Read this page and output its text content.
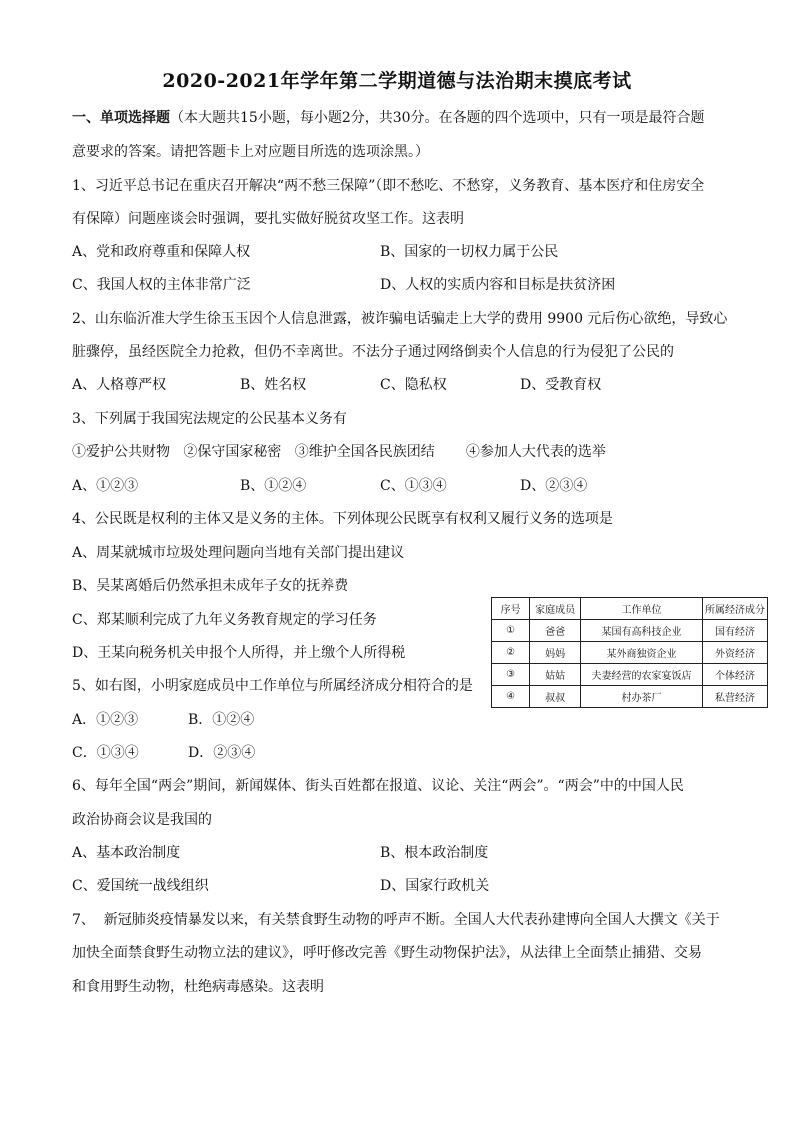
2020-2021年学年第二学期道德与法治期末摸底考试
一、单项选择题（本大题共15小题，每小题2分，共30分。在各题的四个选项中，只有一项是最符合题
意要求的答案。请把答题卡上对应题目所选的选项涂黑。）
1、习近平总书记在重庆召开解决“两不愁三保障”（即不愁吃、不愁穿，义务教育、基本医疗和住房安全
有保障）问题座谈会时强调，要扎实做好脱贫攻坚工作。这表明
A、党和政府尊重和保障人权	B、国家的一切权力属于公民
C、我国人权的主体非常广泛	D、人权的实质内容和目标是扶贫济困
2、山东临沂准大学生徐玉玉因个人信息泄露，被诈骗电话骗走上大学的费用 9900 元后伤心欲绝，导致心
脏骤停，虽经医院全力抢救，但仍不幸离世。不法分子通过网络倒卖个人信息的行为侵犯了公民的
A、人格尊严权	B、姓名权	C、隐私权	D、受教育权
3、下列属于我国宪法规定的公民基本义务有
①爱护公共财物   ②保守国家秘密   ③维护全国各民族团结       ④参加人大代表的选举
A、①②③	B、①②④	C、①③④	D、②③④
4、公民既是权利的主体又是义务的主体。下列体现公民既享有权利又履行义务的选项是
A、周某就城市垃圾处理问题向当地有关部门提出建议
B、吴某离婚后仍然承担未成年子女的抚养费
C、郑某顺利完成了九年义务教育规定的学习任务
D、王某向税务机关申报个人所得，并上缴个人所得税
序号	家庭成员	工作单位	所属经济成分
①	爸爸	某国有高科技企业	国有经济
②	妈妈	某外商独资企业	外资经济
③	姑姑	夫妻经营的农家宴饭店	个体经济
④	叔叔	村办茶厂	私营经济
5、如右图，小明家庭成员中工作单位与所属经济成分相符合的是
A．①②③	B．①②④
C．①③④	D．②③④
6、每年全国“两会”期间，新闻媒体、街头百姓都在报道、议论、关注“两会”。“两会”中的中国人民
政治协商会议是我国的
A、基本政治制度	B、根本政治制度
C、爱国统一战线组织	D、国家行政机关
7、  新冠肺炎疫情暴发以来，有关禁食野生动物的呼声不断。全国人大代表孙建博向全国人大撰文《关于
加快全面禁食野生动物立法的建议》，呼吁修改完善《野生动物保护法》，从法律上全面禁止捕猎、交易
和食用野生动物，杜绝病毒感染。这表明
